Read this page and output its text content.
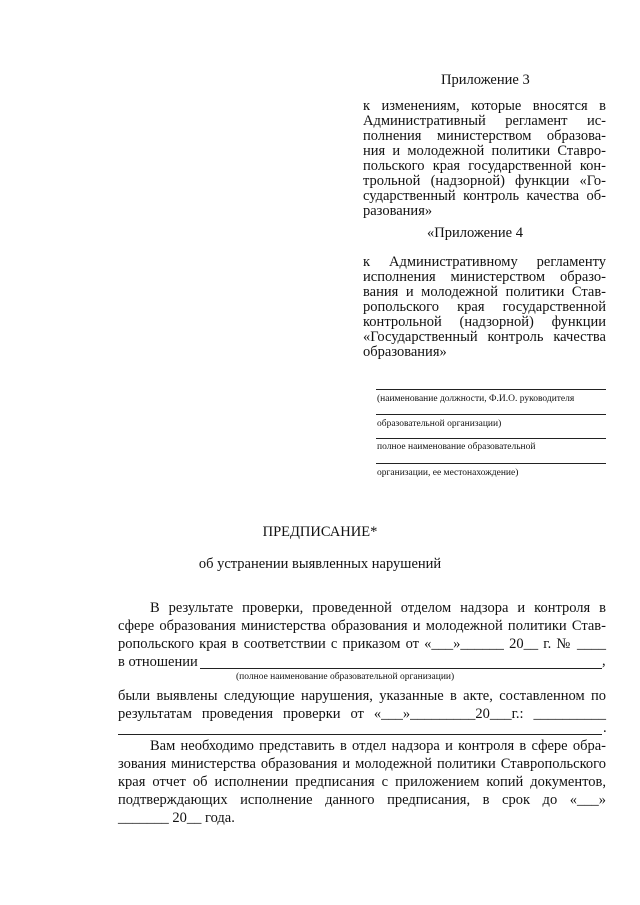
Приложение 3
к изменениям, которые вносятся в
Административный регламент ис-
полнения министерством образова-
ния и молодежной политики Ставро-
польского края государственной кон-
трольной (надзорной) функции «Го-
сударственный контроль качества об-
разования»
«Приложение 4
к Административному регламенту
исполнения министерством образо-
вания и молодежной политики Став-
ропольского края государственной
контрольной (надзорной) функции
«Государственный контроль качества
образования»
(наименование должности, Ф.И.О. руководителя
образовательной организации)
полное наименование образовательной
организации, ее местонахождение)
ПРЕДПИСАНИЕ*
об устранении выявленных нарушений
В результате проверки, проведенной отделом надзора и контроля в
сфере образования министерства образования и молодежной политики Став-
ропольского края в соответствии с приказом от «___»______ 20__ г. № ____
в отношении	,
(полное наименование образовательной организации)
были выявлены следующие нарушения, указанные в акте, составленном по
результатам проведения проверки от «___»_________20___г.: __________
.
Вам необходимо представить в отдел надзора и контроля в сфере обра-
зования министерства образования и молодежной политики Ставропольского
края отчет об исполнении предписания с приложением копий документов,
подтверждающих исполнение данного предписания, в срок до «___»
_______ 20__ года.
